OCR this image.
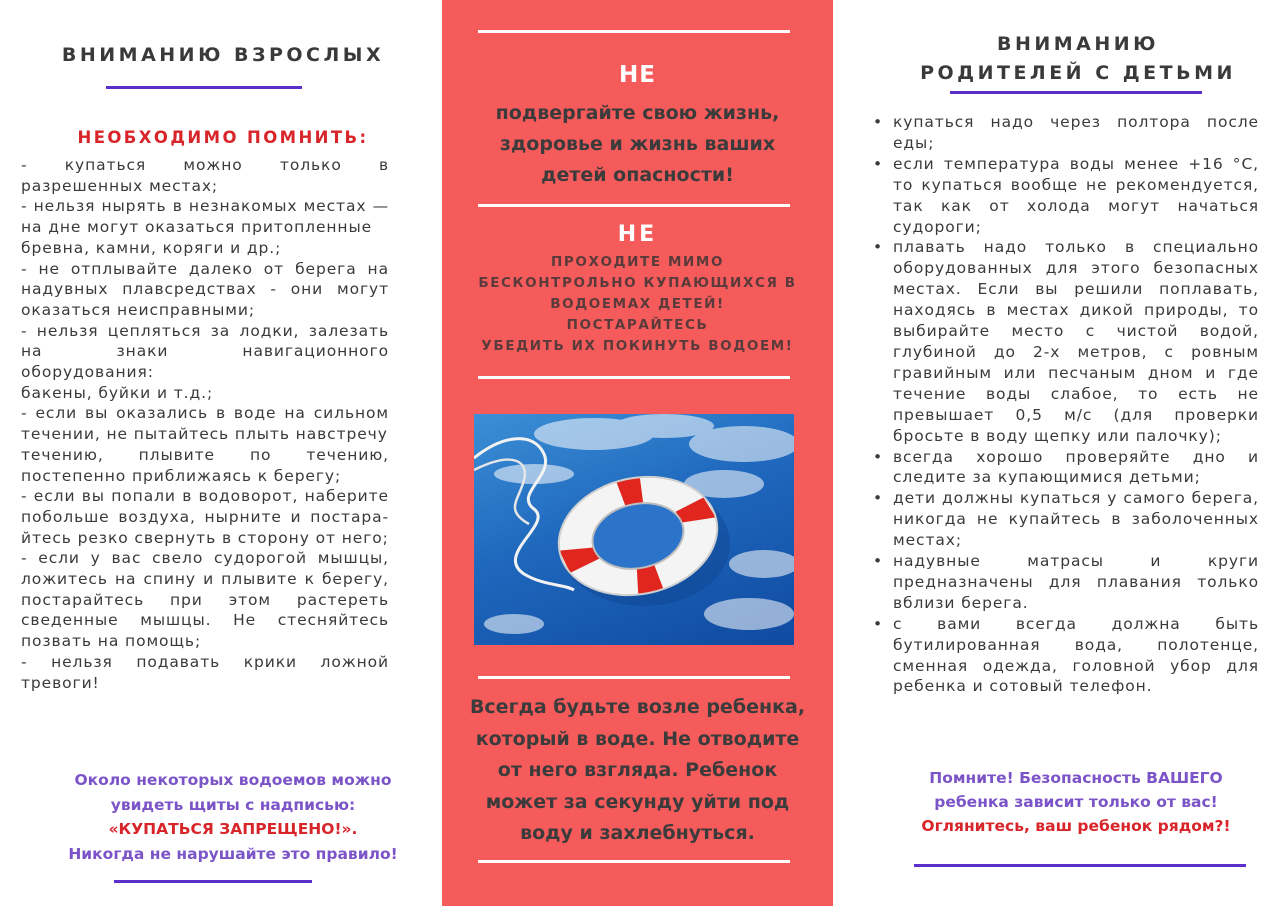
ВНИМАНИЮ ВЗРОСЛЫХ
НЕОБХОДИМО ПОМНИТЬ:

- купаться можно только в разрешенных местах;

- нельзя нырять в незнакомых местах — на дне могут оказаться притопленные

бревна, камни, коряги и др.;

- не отплывайте далеко от берега на надувных плавсредствах - они могут оказаться неисправными;

- нельзя цепляться за лодки, залезать на знаки навигационного оборудования:

бакены, буйки и т.д.;

- если вы оказались в воде на сильном течении, не пытайтесь плыть навстречу

течению, плывите по течению, постепенно приближаясь к берегу;

- если вы попали в водоворот, наберите побольше воздуха, нырните и постара- йтесь резко свернуть в сторону от него;

- если у вас свело судорогой мышцы, ложитесь на спину и плывите к берегу, постарайтесь при этом растереть сведенные мышцы. Не стесняйтесь позвать на помощь;

- нельзя подавать крики ложной тревоги!

Около некоторых водоемов можно
увидеть щиты с надписью:
«КУПАТЬСЯ ЗАПРЕЩЕНО!».
Никогда не нарушайте это правило!
НЕ
подвергайте свою жизнь, здоровье и жизнь ваших детей опасности!
НЕ
ПРОХОДИТЕ МИМО
БЕСКОНТРОЛЬНО КУПАЮЩИХСЯ В
ВОДОЕМАХ ДЕТЕЙ!
ПОСТАРАЙТЕСЬ
УБЕДИТЬ ИХ ПОКИНУТЬ ВОДОЕМ!
Всегда будьте возле ребенка, который в воде. Не отводите от него взгляда. Ребенок может за секунду уйти под воду и захлебнуться.
ВНИМАНИЮ
РОДИТЕЛЕЙ С ДЕТЬМИ
• купаться надо через полтора после еды;
• если температура воды менее +16 °С, то купаться вообще не рекомендуется, так как от холода могут начаться судороги;
• плавать надо только в специально оборудованных для этого безопасных местах. Если вы решили поплавать, находясь в местах дикой природы, то выбирайте место с чистой водой, глубиной до 2-х метров, с ровным гравийным или песчаным дном и где течение воды слабое, то есть не превышает 0,5 м/с (для проверки бросьте в воду щепку или палочку);
• всегда хорошо проверяйте дно и следите за купающимися детьми;
• дети должны купаться у самого берега, никогда не купайтесь в заболоченных местах;
• надувные матрасы и круги предназначены для плавания только вблизи берега.
• с вами всегда должна быть бутилированная вода, полотенце, сменная одежда, головной убор для ребенка и сотовый телефон.
Помните! Безопасность ВАШЕГО
ребенка зависит только от вас!
Оглянитесь, ваш ребенок рядом?!
